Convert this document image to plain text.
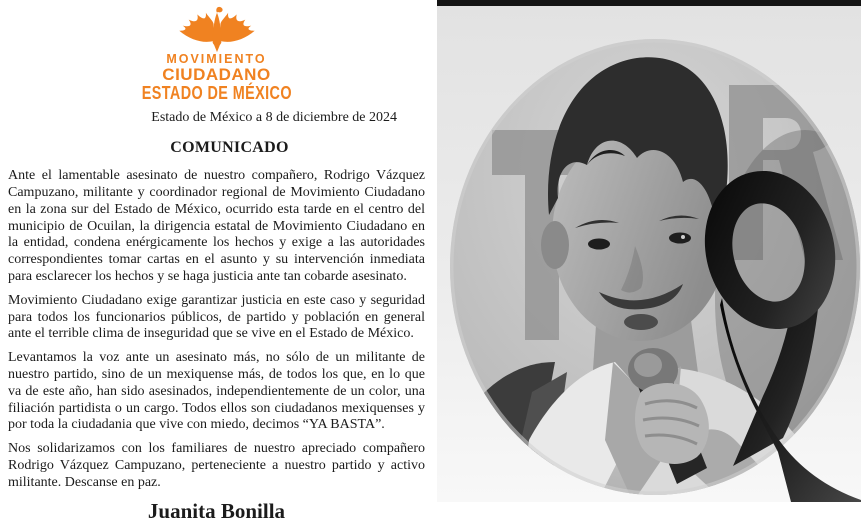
MOVIMIENTO
CIUDADANO
ESTADO DE MÉXICO
Estado de México a 8 de diciembre de 2024
COMUNICADO

Ante el lamentable asesinato de nuestro compañero, Rodrigo Vázquez Campuzano, militante y coordinador regional de Movimiento Ciudadano en la zona sur del Estado de México, ocurrido esta tarde en el centro del municipio de Ocuilan, la dirigencia estatal de Movimiento Ciudadano en la entidad, condena enérgicamente los hechos y exige a las autoridades correspondientes tomar cartas en el asunto y su intervención inmediata para esclarecer los hechos y se haga justicia ante tan cobarde asesinato.

Movimiento Ciudadano exige garantizar justicia en este caso y seguridad para todos los funcionarios públicos, de partido y población en general ante el terrible clima de inseguridad que se vive en el Estado de México.

Levantamos la voz ante un asesinato más, no sólo de un militante de nuestro partido, sino de un mexiquense más, de todos los que, en lo que va de este año, han sido asesinados, independientemente de un color, una filiación partidista o un cargo. Todos ellos son ciudadanos mexiquenses y por toda la ciudadania que vive con miedo, decimos “YA BASTA”.

Nos solidarizamos con los familiares de nuestro apreciado compañero Rodrigo Vázquez Campuzano, perteneciente a nuestro partido y activo militante. Descanse en paz.

Juanita Bonilla
